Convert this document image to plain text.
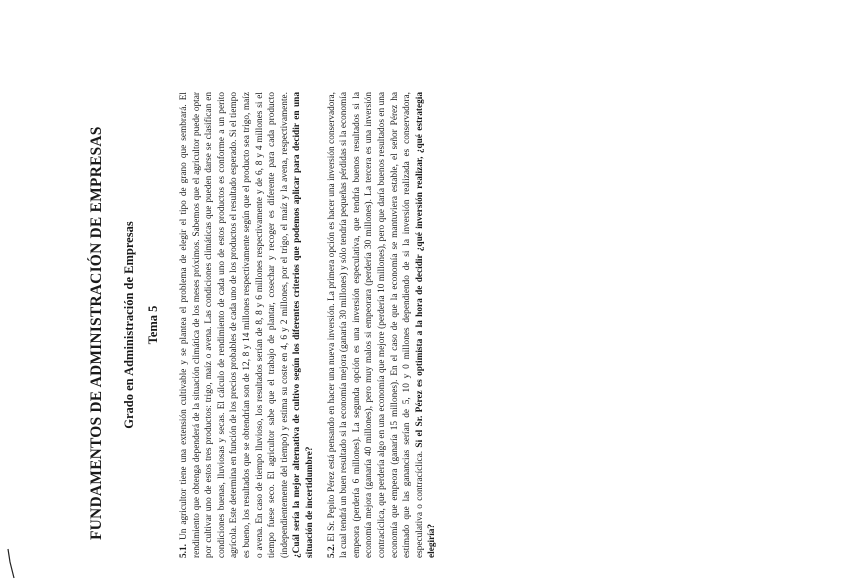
FUNDAMENTOS DE ADMINISTRACIÓN DE EMPRESAS	Grado en Administración de Empresas Tema 5

5.1. Un agricultor tiene una extensión cultivable y se plantea el problema de elegir el tipo de grano que sembrará. El rendimiento que obtenga dependerá de la situación climática de los meses próximos. Sabemos que el agricultor puede optar por cultivar uno de estos tres productos: trigo, maíz o avena. Las condiciones climáticas que pueden darse se clasifican en condiciones buenas, lluviosas y secas. El cálculo de rendimiento de cada uno de estos productos es conforme a un perito agrícola. Este determina en función de los precios probables de cada uno de los productos el resultado esperado. Si el tiempo es bueno, los resultados que se obtendrían son de 12, 8 y 14 millones respectivamente según que el producto sea trigo, maíz o avena. En caso de tiempo lluvioso, los resultados serían de 8, 8 y 6 millones respectivamente y de 6, 8 y 4 millones si el tiempo fuese seco. El agricultor sabe que el trabajo de plantar, cosechar y recoger es diferente para cada producto (independientemente del tiempo) y estima su coste en 4, 6 y 2 millones, por el trigo, el maíz y la avena, respectivamente. ¿Cuál sería la mejor alternativa de cultivo según los diferentes criterios que podemos aplicar para decidir en una situación de incertidumbre? 5.2. El Sr. Pepito Pérez está pensando en hacer una nueva inversión. La primera opción es hacer una inversión conservadora, la cual tendrá un buen resultado si la economía mejora (ganaría 30 millones) y sólo tendría pequeñas pérdidas si la economía empeora (perdería 6 millones). La segunda opción es una inversión especulativa, que tendría buenos resultados si la economía mejora (ganaría 40 millones), pero muy malos si empeorara (perdería 30 millones). La tercera es una inversión contracíclica, que perdería algo en una economía que mejore (perdería 10 millones), pero que daría buenos resultados en una economía que empeora (ganaría 15 millones). En el caso de que la economía se mantuviera estable, el señor Pérez ha estimado que las ganancias serían de 5, 10 y 0 millones dependiendo de si la inversión realizada es conservadora, especulativa o contracíclica. Si el Sr. Pérez es optimista a la hora de decidir ¿qué inversión realizar, ¿qué estrategia elegiría?
